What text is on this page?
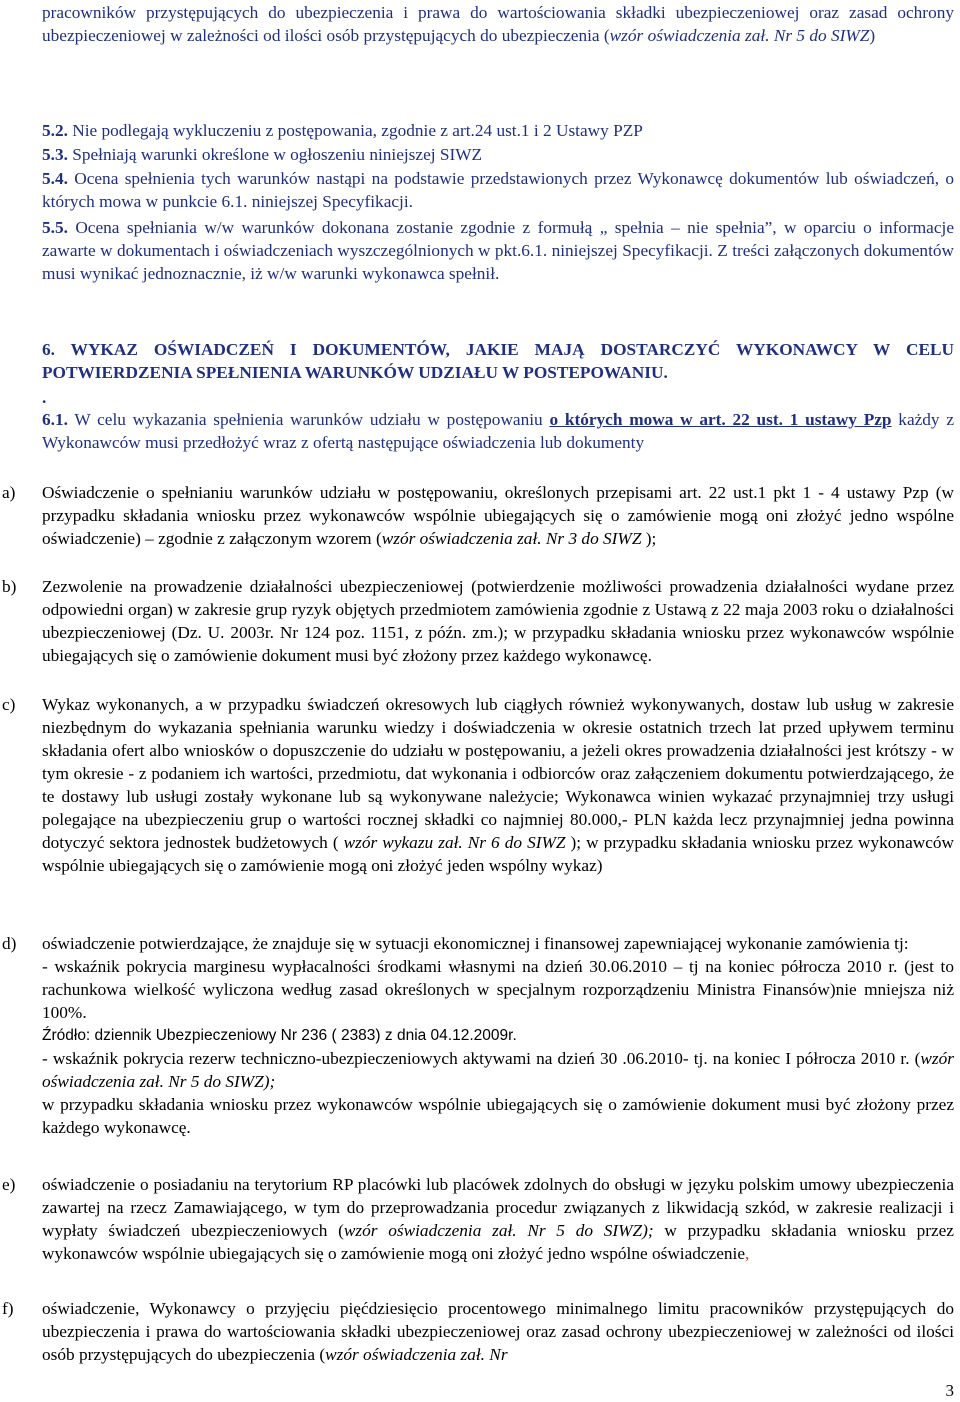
pracowników przystępujących do ubezpieczenia i prawa do wartościowania składki ubezpieczeniowej oraz zasad ochrony ubezpieczeniowej w zależności od ilości osób przystępujących do ubezpieczenia (wzór oświadczenia zał. Nr 5 do SIWZ)
5.2. Nie podlegają wykluczeniu z postępowania, zgodnie z art.24 ust.1 i 2 Ustawy PZP
5.3. Spełniają warunki określone w ogłoszeniu niniejszej SIWZ
5.4. Ocena spełnienia tych warunków nastąpi na podstawie przedstawionych przez Wykonawcę dokumentów lub oświadczeń, o których mowa w punkcie 6.1. niniejszej Specyfikacji.
5.5. Ocena spełniania w/w warunków dokonana zostanie zgodnie z formułą „ spełnia – nie spełnia”, w oparciu o informacje zawarte w dokumentach i oświadczeniach wyszczególnionych w pkt.6.1. niniejszej Specyfikacji. Z treści załączonych dokumentów musi wynikać jednoznacznie, iż w/w warunki wykonawca spełnił.
6. WYKAZ OŚWIADCZEŃ I DOKUMENTÓW, JAKIE MAJĄ DOSTARCZYĆ WYKONAWCY W CELU POTWIERDZENIA SPEŁNIENIA WARUNKÓW UDZIAŁU W POSTEPOWANIU.
.
6.1. W celu wykazania spełnienia warunków udziału w postępowaniu o których mowa w art. 22 ust. 1 ustawy Pzp każdy z Wykonawców musi przedłożyć wraz z ofertą następujące oświadczenia lub dokumenty
a) Oświadczenie o spełnianiu warunków udziału w postępowaniu, określonych przepisami art. 22 ust.1 pkt 1 - 4 ustawy Pzp (w przypadku składania wniosku przez wykonawców wspólnie ubiegających się o zamówienie mogą oni złożyć jedno wspólne oświadczenie) – zgodnie z załączonym wzorem (wzór oświadczenia zał. Nr 3 do SIWZ );
b) Zezwolenie na prowadzenie działalności ubezpieczeniowej (potwierdzenie możliwości prowadzenia działalności wydane przez odpowiedni organ) w zakresie grup ryzyk objętych przedmiotem zamówienia zgodnie z Ustawą z 22 maja 2003 roku o działalności ubezpieczeniowej (Dz. U. 2003r. Nr 124 poz. 1151, z późn. zm.); w przypadku składania wniosku przez wykonawców wspólnie ubiegających się o zamówienie dokument musi być złożony przez każdego wykonawcę.
c) Wykaz wykonanych, a w przypadku świadczeń okresowych lub ciągłych również wykonywanych, dostaw lub usług w zakresie niezbędnym do wykazania spełniania warunku wiedzy i doświadczenia w okresie ostatnich trzech lat przed upływem terminu składania ofert albo wniosków o dopuszczenie do udziału w postępowaniu, a jeżeli okres prowadzenia działalności jest krótszy - w tym okresie - z podaniem ich wartości, przedmiotu, dat wykonania i odbiorców oraz załączeniem dokumentu potwierdzającego, że te dostawy lub usługi zostały wykonane lub są wykonywane należycie; Wykonawca winien wykazać przynajmniej trzy usługi polegające na ubezpieczeniu grup o wartości rocznej składki co najmniej 80.000,- PLN każda lecz przynajmniej jedna powinna dotyczyć sektora jednostek budżetowych ( wzór wykazu zał. Nr 6 do SIWZ ); w przypadku składania wniosku przez wykonawców wspólnie ubiegających się o zamówienie mogą oni złożyć jeden wspólny wykaz)
d) oświadczenie potwierdzające, że znajduje się w sytuacji ekonomicznej i finansowej zapewniającej wykonanie zamówienia tj:
- wskaźnik pokrycia marginesu wypłacalności środkami własnymi na dzień 30.06.2010 – tj na koniec półrocza 2010 r. (jest to rachunkowa wielkość wyliczona według zasad określonych w specjalnym rozporządzeniu Ministra Finansów)nie mniejsza niż 100%.
Źródło: dziennik Ubezpieczeniowy Nr 236 ( 2383) z dnia 04.12.2009r.
- wskaźnik pokrycia rezerw techniczno-ubezpieczeniowych aktywami na dzień 30 .06.2010- tj. na koniec I półrocza 2010 r. (wzór oświadczenia zał. Nr 5 do SIWZ);
w przypadku składania wniosku przez wykonawców wspólnie ubiegających się o zamówienie dokument musi być złożony przez każdego wykonawcę.
e) oświadczenie o posiadaniu na terytorium RP placówki lub placówek zdolnych do obsługi w języku polskim umowy ubezpieczenia zawartej na rzecz Zamawiającego, w tym do przeprowadzania procedur związanych z likwidacją szkód, w zakresie realizacji i wypłaty świadczeń ubezpieczeniowych (wzór oświadczenia zał. Nr 5 do SIWZ); w przypadku składania wniosku przez wykonawców wspólnie ubiegających się o zamówienie mogą oni złożyć jedno wspólne oświadczenie,
f) oświadczenie, Wykonawcy o przyjęciu pięćdziesięcio procentowego minimalnego limitu pracowników przystępujących do ubezpieczenia i prawa do wartościowania składki ubezpieczeniowej oraz zasad ochrony ubezpieczeniowej w zależności od ilości osób przystępujących do ubezpieczenia (wzór oświadczenia zał. Nr
3
